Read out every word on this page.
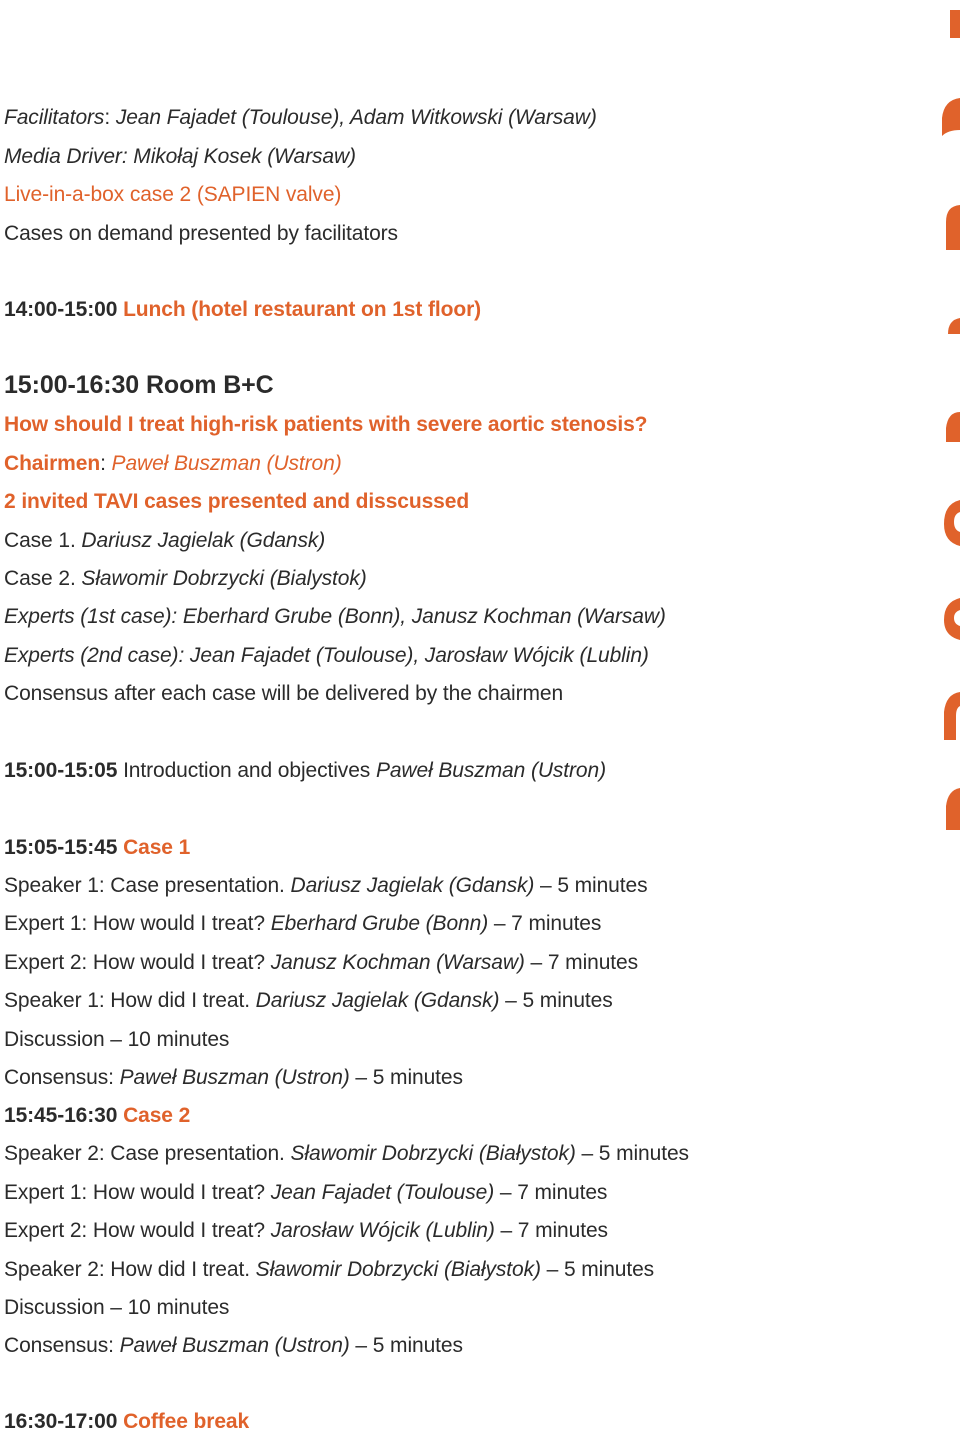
Facilitators: Jean Fajadet (Toulouse), Adam Witkowski (Warsaw)
Media Driver: Mikołaj Kosek (Warsaw)
Live-in-a-box case 2 (SAPIEN valve)
Cases on demand presented by facilitators
14:00-15:00 Lunch (hotel restaurant on 1st floor)
15:00-16:30 Room B+C
How should I treat high-risk patients with severe aortic stenosis?
Chairmen: Paweł Buszman (Ustron)
2 invited TAVI cases presented and disscussed
Case 1. Dariusz Jagielak (Gdansk)
Case 2. Sławomir Dobrzycki (Bialystok)
Experts (1st case): Eberhard Grube (Bonn), Janusz Kochman (Warsaw)
Experts (2nd case): Jean Fajadet (Toulouse), Jarosław Wójcik (Lublin)
Consensus after each case will be delivered by the chairmen
15:00-15:05 Introduction and objectives Paweł Buszman (Ustron)
15:05-15:45 Case 1
Speaker 1: Case presentation. Dariusz Jagielak (Gdansk) – 5 minutes
Expert 1: How would I treat? Eberhard Grube (Bonn) – 7 minutes
Expert 2: How would I treat? Janusz Kochman (Warsaw) – 7 minutes
Speaker 1: How did I treat. Dariusz Jagielak (Gdansk) – 5 minutes
Discussion – 10 minutes
Consensus: Paweł Buszman (Ustron) – 5 minutes
15:45-16:30 Case 2
Speaker 2: Case presentation. Sławomir Dobrzycki (Białystok) – 5 minutes
Expert 1: How would I treat? Jean Fajadet (Toulouse) – 7 minutes
Expert 2: How would I treat? Jarosław Wójcik (Lublin) – 7 minutes
Speaker 2: How did I treat. Sławomir Dobrzycki (Białystok) – 5 minutes
Discussion – 10 minutes
Consensus: Paweł Buszman (Ustron) – 5 minutes
16:30-17:00 Coffee break
